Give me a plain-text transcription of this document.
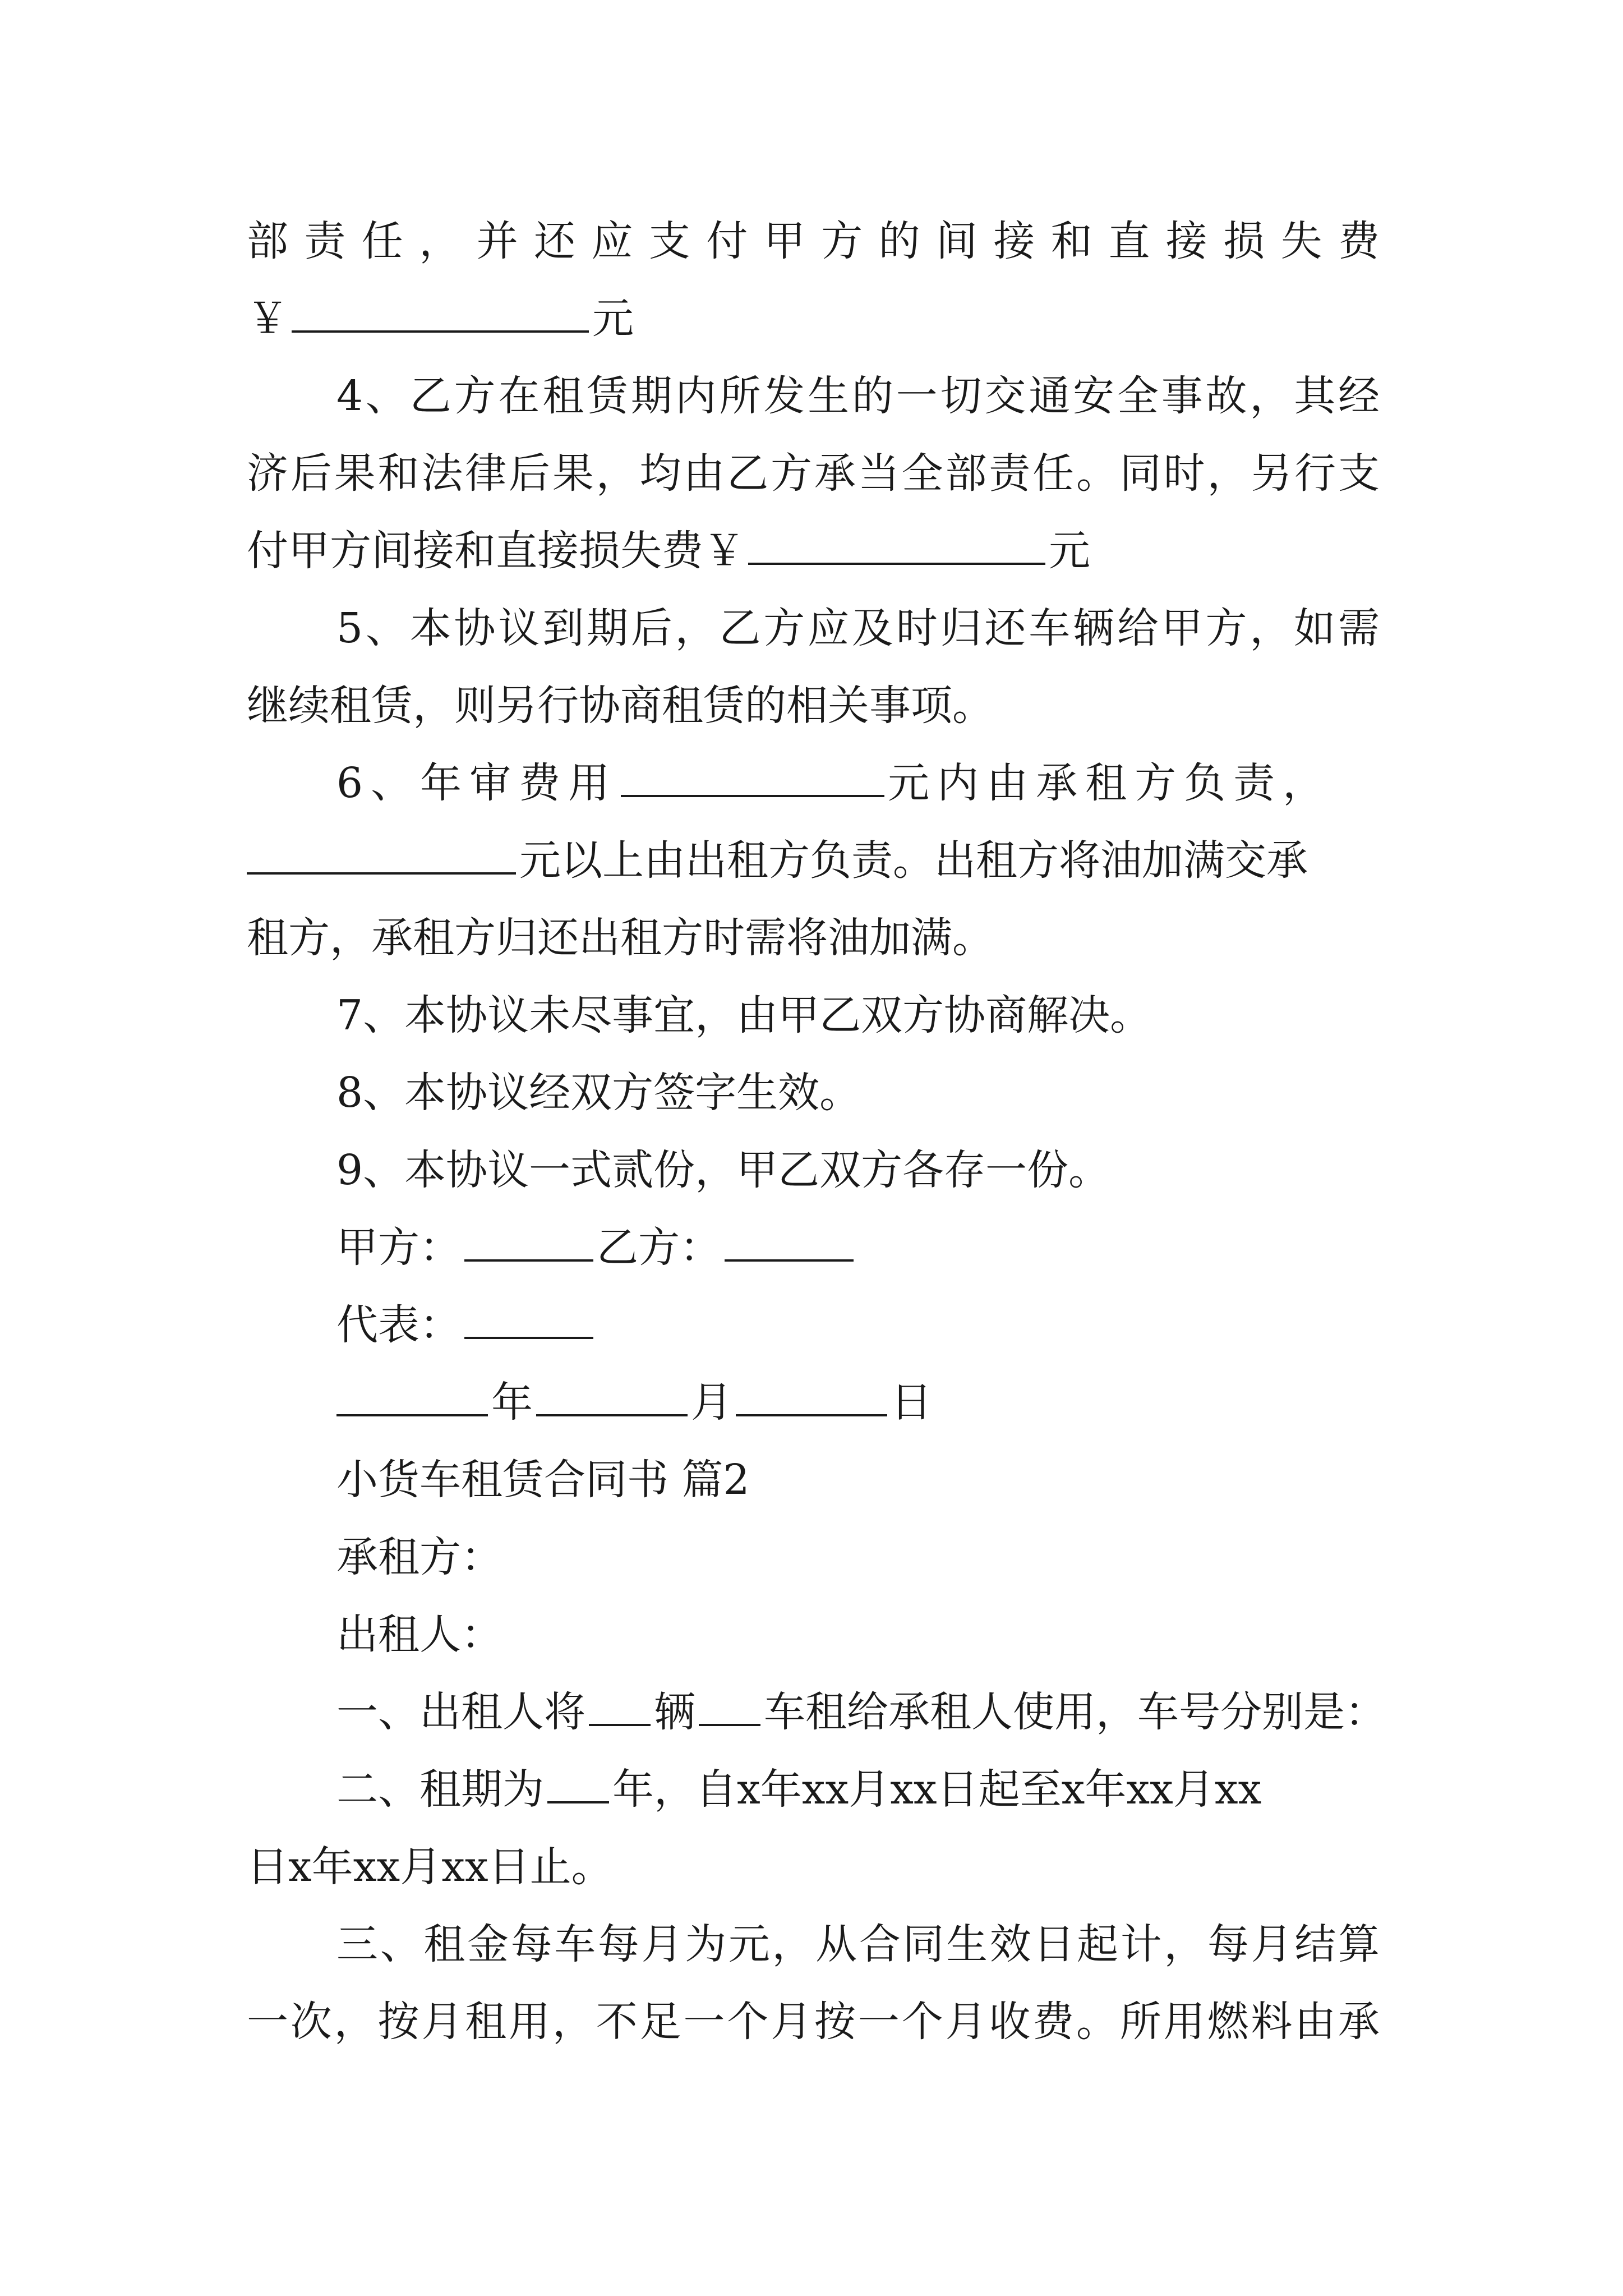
部责任，并还应支付甲方的间接和直接损失费
￥	元
4、乙方在租赁期内所发生的一切交通安全事故，其经
济后果和法律后果，均由乙方承当全部责任。同时，另行支
付甲方间接和直接损失费￥	元
5、本协议到期后，乙方应及时归还车辆给甲方，如需
继续租赁，则另行协商租赁的相关事项。
6、年审费用	元内由承租方负责，
元以上由出租方负责。出租方将油加满交承
租方，承租方归还出租方时需将油加满。
7、本协议未尽事宜，由甲乙双方协商解决。
8、本协议经双方签字生效。
9、本协议一式贰份，甲乙双方各存一份。
甲方：	乙方：
代表：
年	月	日
小货车租赁合同书 篇2
承租方：
出租人：
一、出租人将 辆 车租给承租人使用，车号分别是：
二、租期为 年，自x年xx月xx日起至x年xx月xx
日x年xx月xx日止。
三、租金每车每月为元，从合同生效日起计，每月结算
一次，按月租用，不足一个月按一个月收费。所用燃料由承
